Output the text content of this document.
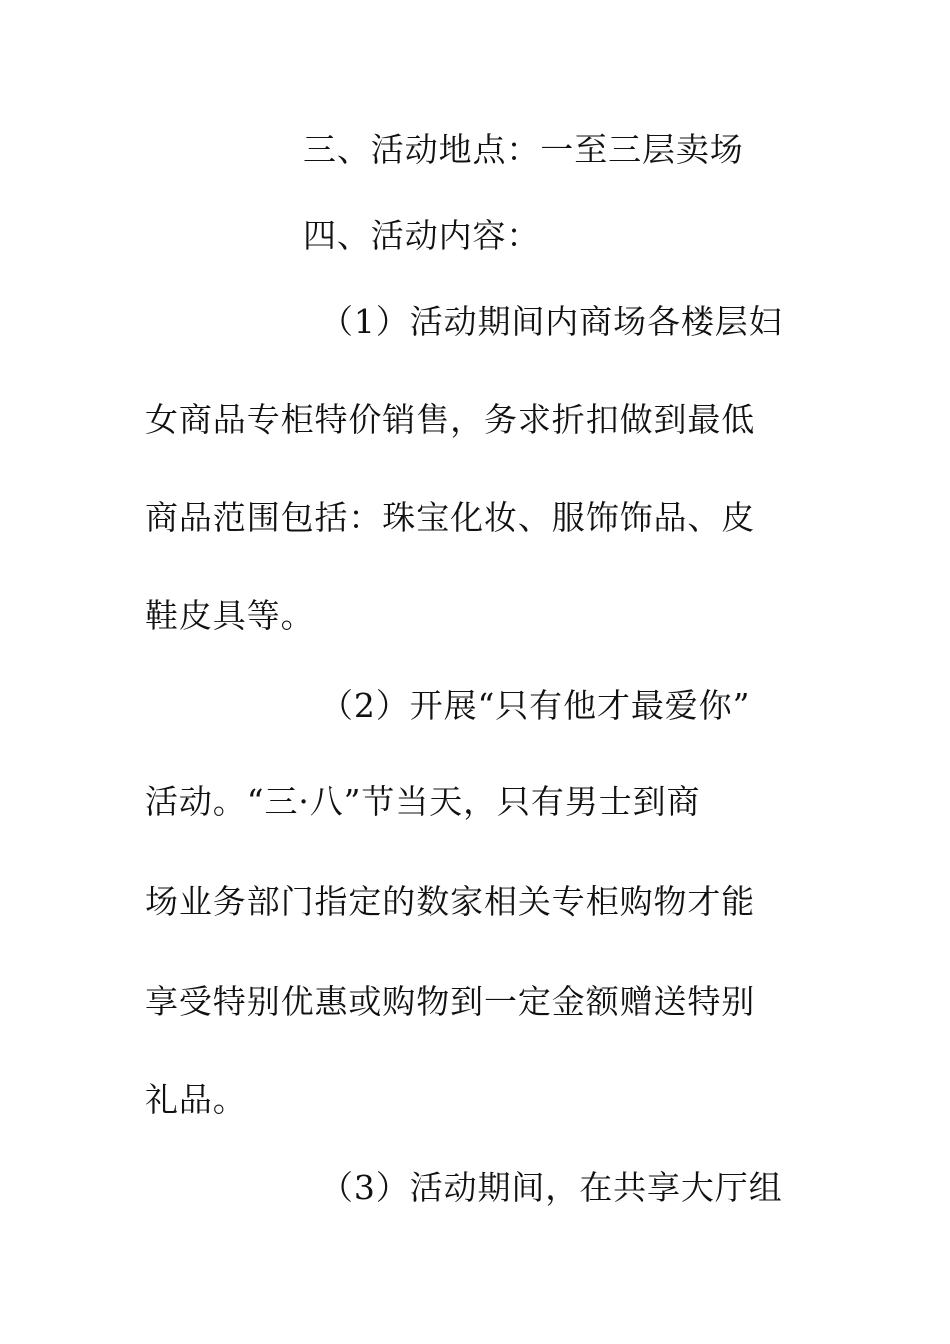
三、活动地点：一至三层卖场
四、活动内容：
（1）活动期间内商场各楼层妇
女商品专柜特价销售，务求折扣做到最低
商品范围包括：珠宝化妆、服饰饰品、皮
鞋皮具等。
（2）开展“只有他才最爱你”
活动。“三·八”节当天，只有男士到商
场业务部门指定的数家相关专柜购物才能
享受特别优惠或购物到一定金额赠送特别
礼品。
（3）活动期间，在共享大厅组
